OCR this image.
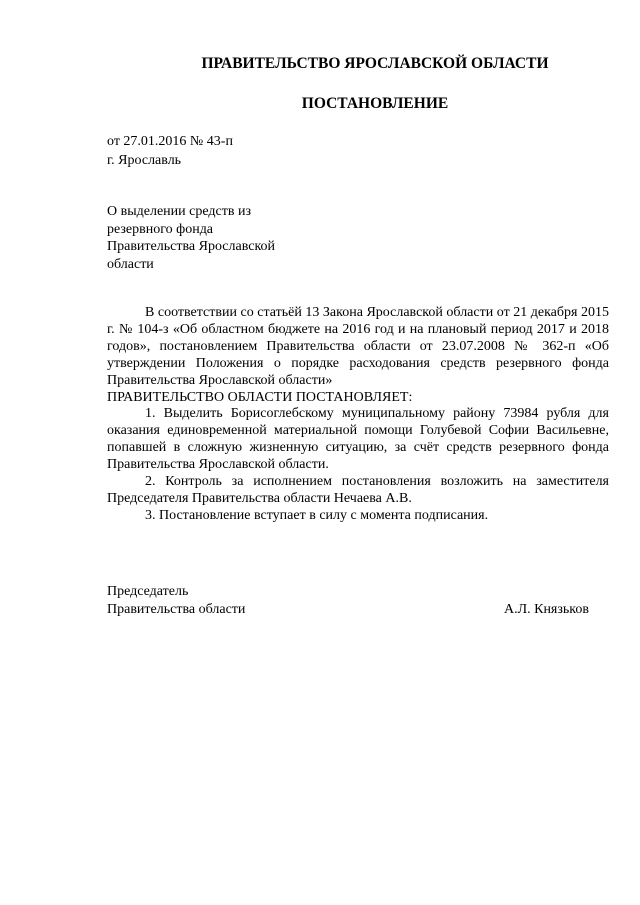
ПРАВИТЕЛЬСТВО ЯРОСЛАВСКОЙ ОБЛАСТИ

ПОСТАНОВЛЕНИЕ

от 27.01.2016 № 43-п
г. Ярославль
О выделении средств из
резервного фонда
Правительства Ярославской
области

В соответствии со статьёй 13 Закона Ярославской области от 21 декабря 2015 г. № 104-з «Об областном бюджете на 2016 год и на плановый период 2017 и 2018 годов», постановлением Правительства области от 23.07.2008 № 362-п «Об утверждении Положения о порядке расходования средств резервного фонда Правительства Ярославской области»

ПРАВИТЕЛЬСТВО ОБЛАСТИ ПОСТАНОВЛЯЕТ:

1. Выделить Борисоглебскому муниципальному району 73984 рубля для оказания единовременной материальной помощи Голубевой Софии Васильевне, попавшей в сложную жизненную ситуацию, за счёт средств резервного фонда Правительства Ярославской области.

2. Контроль за исполнением постановления возложить на заместителя Председателя Правительства области Нечаева А.В.

3. Постановление вступает в силу с момента подписания.

Председатель
Правительства области	А.Л. Князьков
